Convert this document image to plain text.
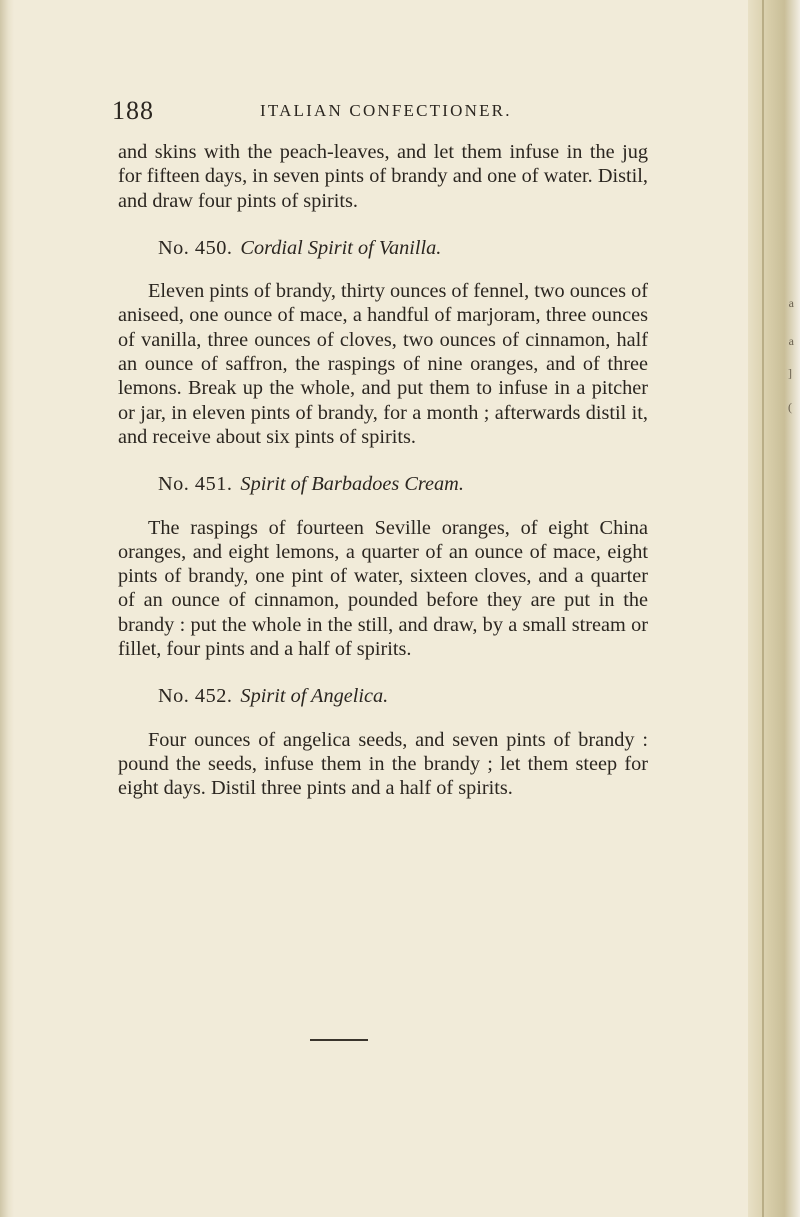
a
a
]
(
188	ITALIAN CONFECTIONER.

and skins with the peach-leaves, and let them infuse in the jug for fifteen days, in seven pints of brandy and one of water. Distil, and draw four pints of spirits.

No. 450. Cordial Spirit of Vanilla.

Eleven pints of brandy, thirty ounces of fennel, two ounces of aniseed, one ounce of mace, a handful of marjoram, three ounces of vanilla, three ounces of cloves, two ounces of cinnamon, half an ounce of saffron, the raspings of nine oranges, and of three lemons. Break up the whole, and put them to infuse in a pitcher or jar, in eleven pints of brandy, for a month ; afterwards distil it, and receive about six pints of spirits.

No. 451. Spirit of Barbadoes Cream.

The raspings of fourteen Seville oranges, of eight China oranges, and eight lemons, a quarter of an ounce of mace, eight pints of brandy, one pint of water, sixteen cloves, and a quarter of an ounce of cinnamon, pounded before they are put in the brandy : put the whole in the still, and draw, by a small stream or fillet, four pints and a half of spirits.

No. 452. Spirit of Angelica.

Four ounces of angelica seeds, and seven pints of brandy : pound the seeds, infuse them in the brandy ; let them steep for eight days. Distil three pints and a half of spirits.
